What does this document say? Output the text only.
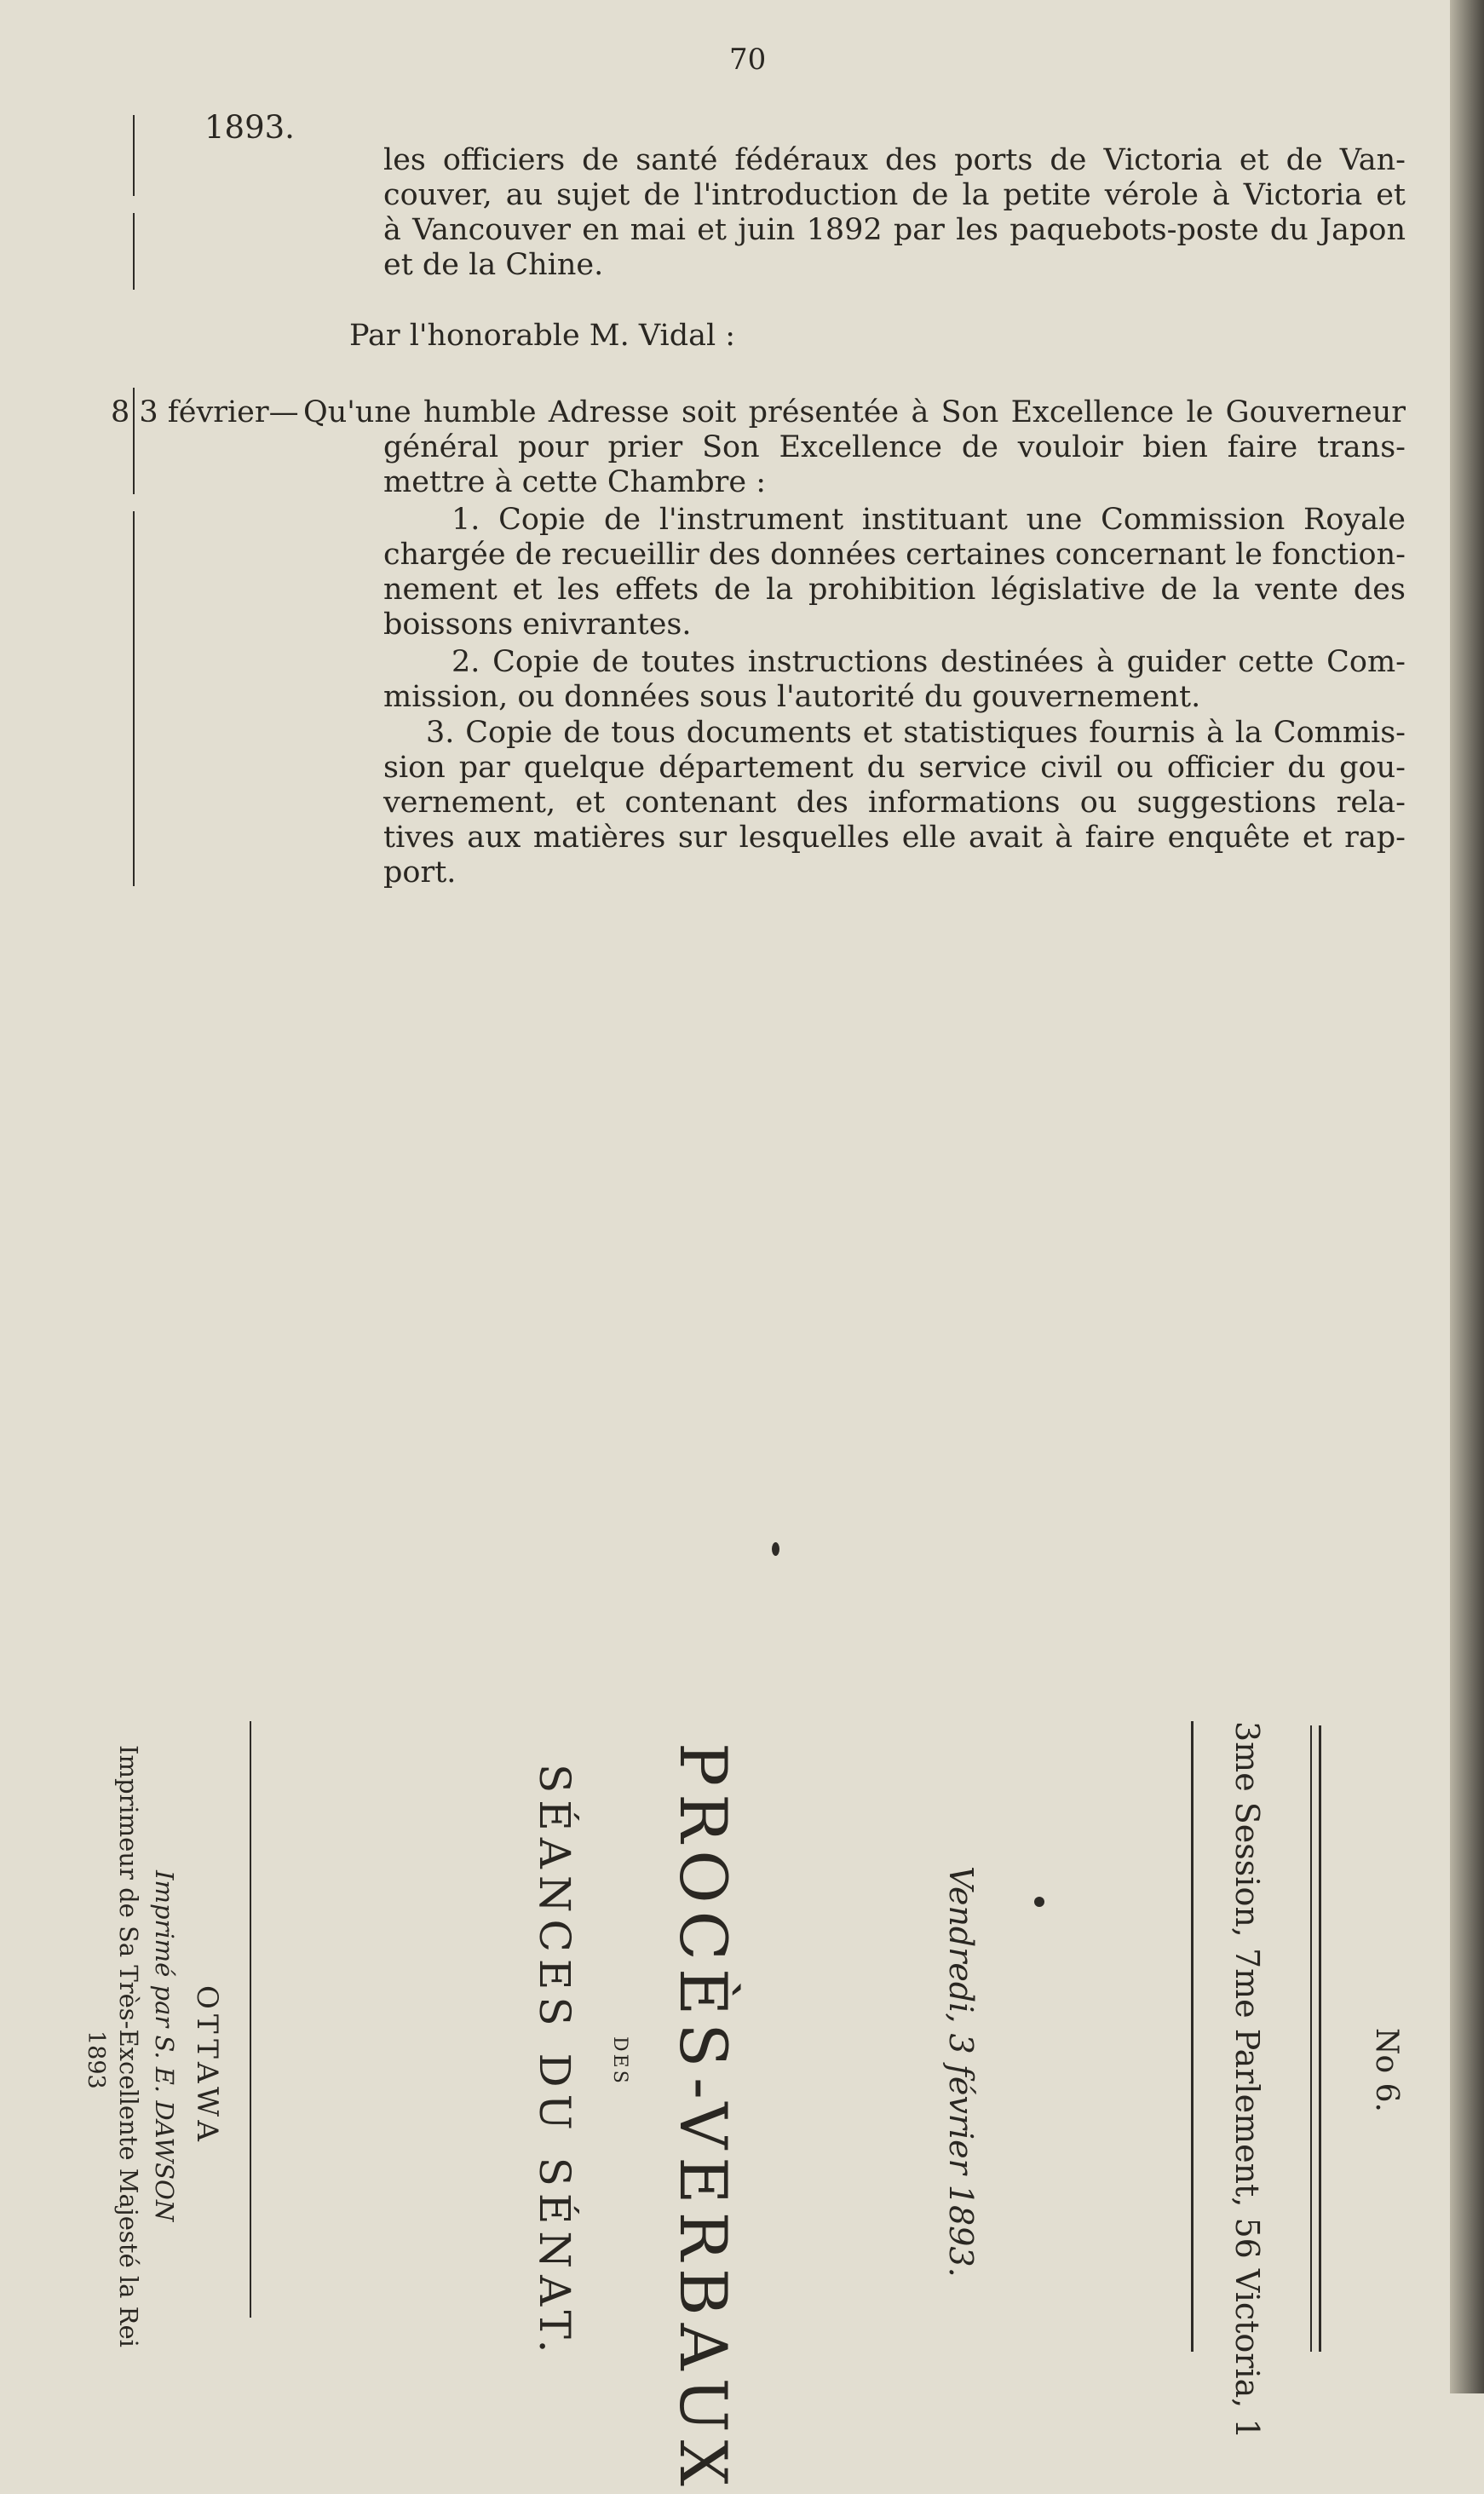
70
1893.
les officiers de santé fédéraux des ports de Victoria et de Van-
couver, au sujet de l'introduction de la petite vérole à Victoria et
à Vancouver en mai et juin 1892 par les paquebots-poste du Japon
et de la Chine.
Par l'honorable M. Vidal :
8 3 février— Qu'une humble Adresse soit présentée à Son Excellence le Gouverneur
général pour prier Son Excellence de vouloir bien faire trans-
mettre à cette Chambre :
1. Copie de l'instrument instituant une Commission Royale
chargée de recueillir des données certaines concernant le fonction-
nement et les effets de la prohibition législative de la vente des
boissons enivrantes.
2. Copie de toutes instructions destinées à guider cette Com-
mission, ou données sous l'autorité du gouvernement.
3. Copie de tous documents et statistiques fournis à la Commis-
sion par quelque département du service civil ou officier du gou-
vernement, et contenant des informations ou suggestions rela-
tives aux matières sur lesquelles elle avait à faire enquête et rap-
port.
3me Session, 7me Parlement, 56 Victoria, 1	No 6.
Vendredi, 3 février 1893.
PROCÈS-VERBAUX
DES
SÉANCES DU SÉNAT.
OTTAWA
Imprimé par S. E. DAWSON
Imprimeur de Sa Très-Excellente Majesté la Rei
1893
